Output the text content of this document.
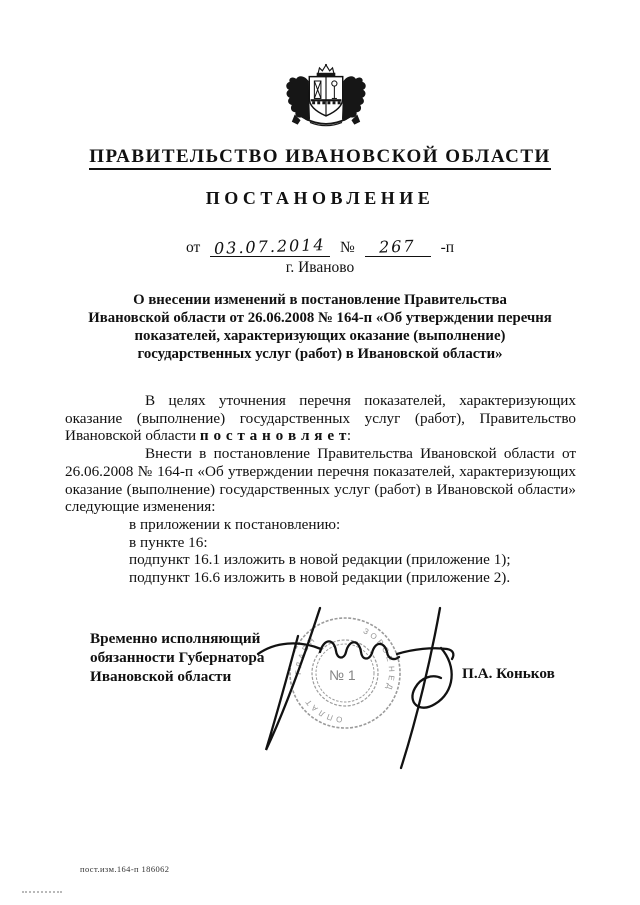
ПРАВИТЕЛЬСТВО ИВАНОВСКОЙ ОБЛАСТИ
ПОСТАНОВЛЕНИЕ
от 03.07.2014 № 267 -п
г. Иваново
О внесении изменений в постановление Правительства
Ивановской области от 26.06.2008 № 164-п «Об утверждении перечня
показателей, характеризующих оказание (выполнение)
государственных услуг (работ) в Ивановской области»

В целях уточнения перечня показателей, характеризующих оказание (выполнение) государственных услуг (работ), Правительство Ивановской области п о с т а н о в л я е т:

Внести в постановление Правительства Ивановской области от 26.06.2008 № 164-п «Об утверждении перечня показателей, характеризующих оказание (выполнение) государственных услуг (работ) в Ивановской области» следующие изменения:

в приложении к постановлению:

в пункте 16:

подпункт 16.1 изложить в новой редакции (приложение 1);

подпункт 16.6 изложить в новой редакции (приложение 2).

Временно исполняющий
обязанности Губернатора
Ивановской области	П.А. Коньков
ЗОВОЕ
НЕД
ОПЛАТ
ГЛАВН
№ 1
пост.изм.164-п 186062
